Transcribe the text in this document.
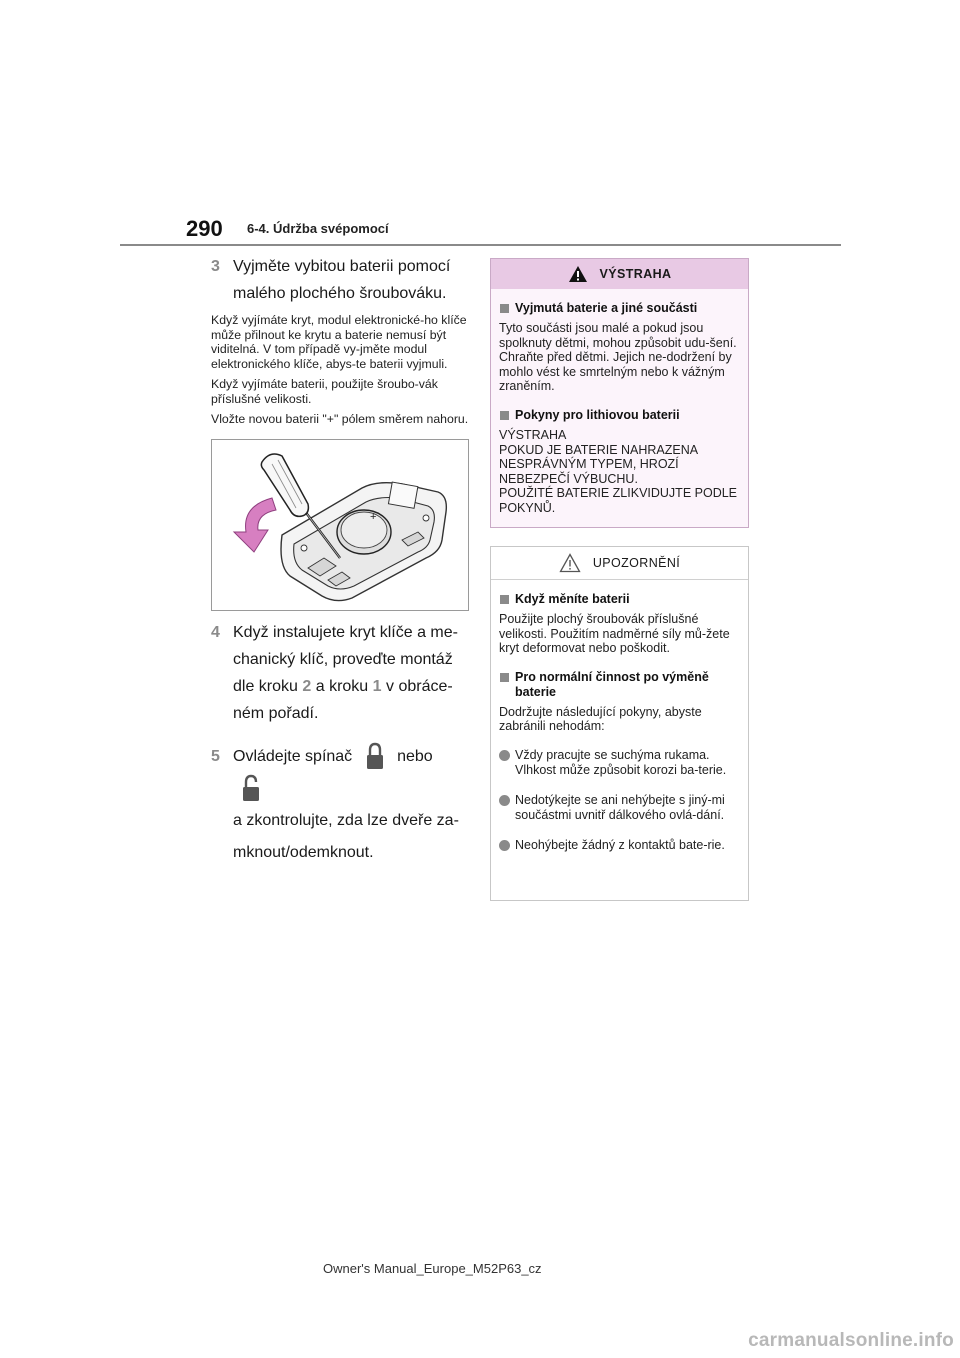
290 6-4. Údržba svépomocí
3 Vyjměte vybitou baterii pomocí malého plochého šroubováku.

Když vyjímáte kryt, modul elektronické-ho klíče může přilnout ke krytu a baterie nemusí být viditelná. V tom případě vy-jměte modul elektronického klíče, abys-te baterii vyjmuli.

Když vyjímáte baterii, použijte šroubo-vák příslušné velikosti.

Vložte novou baterii "+" pólem směrem nahoru.

+
4 Když instalujete kryt klíče a me-chanický klíč, proveďte montáž dle kroku 2 a kroku 1 v obráce-ném pořadí.
5 Ovládejte spínač	nebo
a zkontrolujte, zda lze dveře za-mknout/odemknout.
VÝSTRAHA
Vyjmutá baterie a jiné součásti

Tyto součásti jsou malé a pokud jsou spolknuty dětmi, mohou způsobit udu-šení. Chraňte před dětmi. Jejich ne-dodržení by mohlo vést ke smrtelným nebo k vážným zraněním.

Pokyny pro lithiovou baterii

VÝSTRAHA
POKUD JE BATERIE NAHRAZENA NESPRÁVNÝM TYPEM, HROZÍ NEBEZPEČÍ VÝBUCHU.
POUŽITÉ BATERIE ZLIKVIDUJTE PODLE POKYNŮ.

UPOZORNĚNÍ
Když měníte baterii

Použijte plochý šroubovák příslušné velikosti. Použitím nadměrné síly mů-žete kryt deformovat nebo poškodit.

Pro normální činnost po výměně baterie

Dodržujte následující pokyny, abyste zabránili nehodám:

Vždy pracujte se suchýma rukama. Vlhkost může způsobit korozi ba-terie.
Nedotýkejte se ani nehýbejte s jiný-mi součástmi uvnitř dálkového ovlá-dání.
Neohýbejte žádný z kontaktů bate-rie.
Owner's Manual_Europe_M52P63_cz
carmanualsonline.info
